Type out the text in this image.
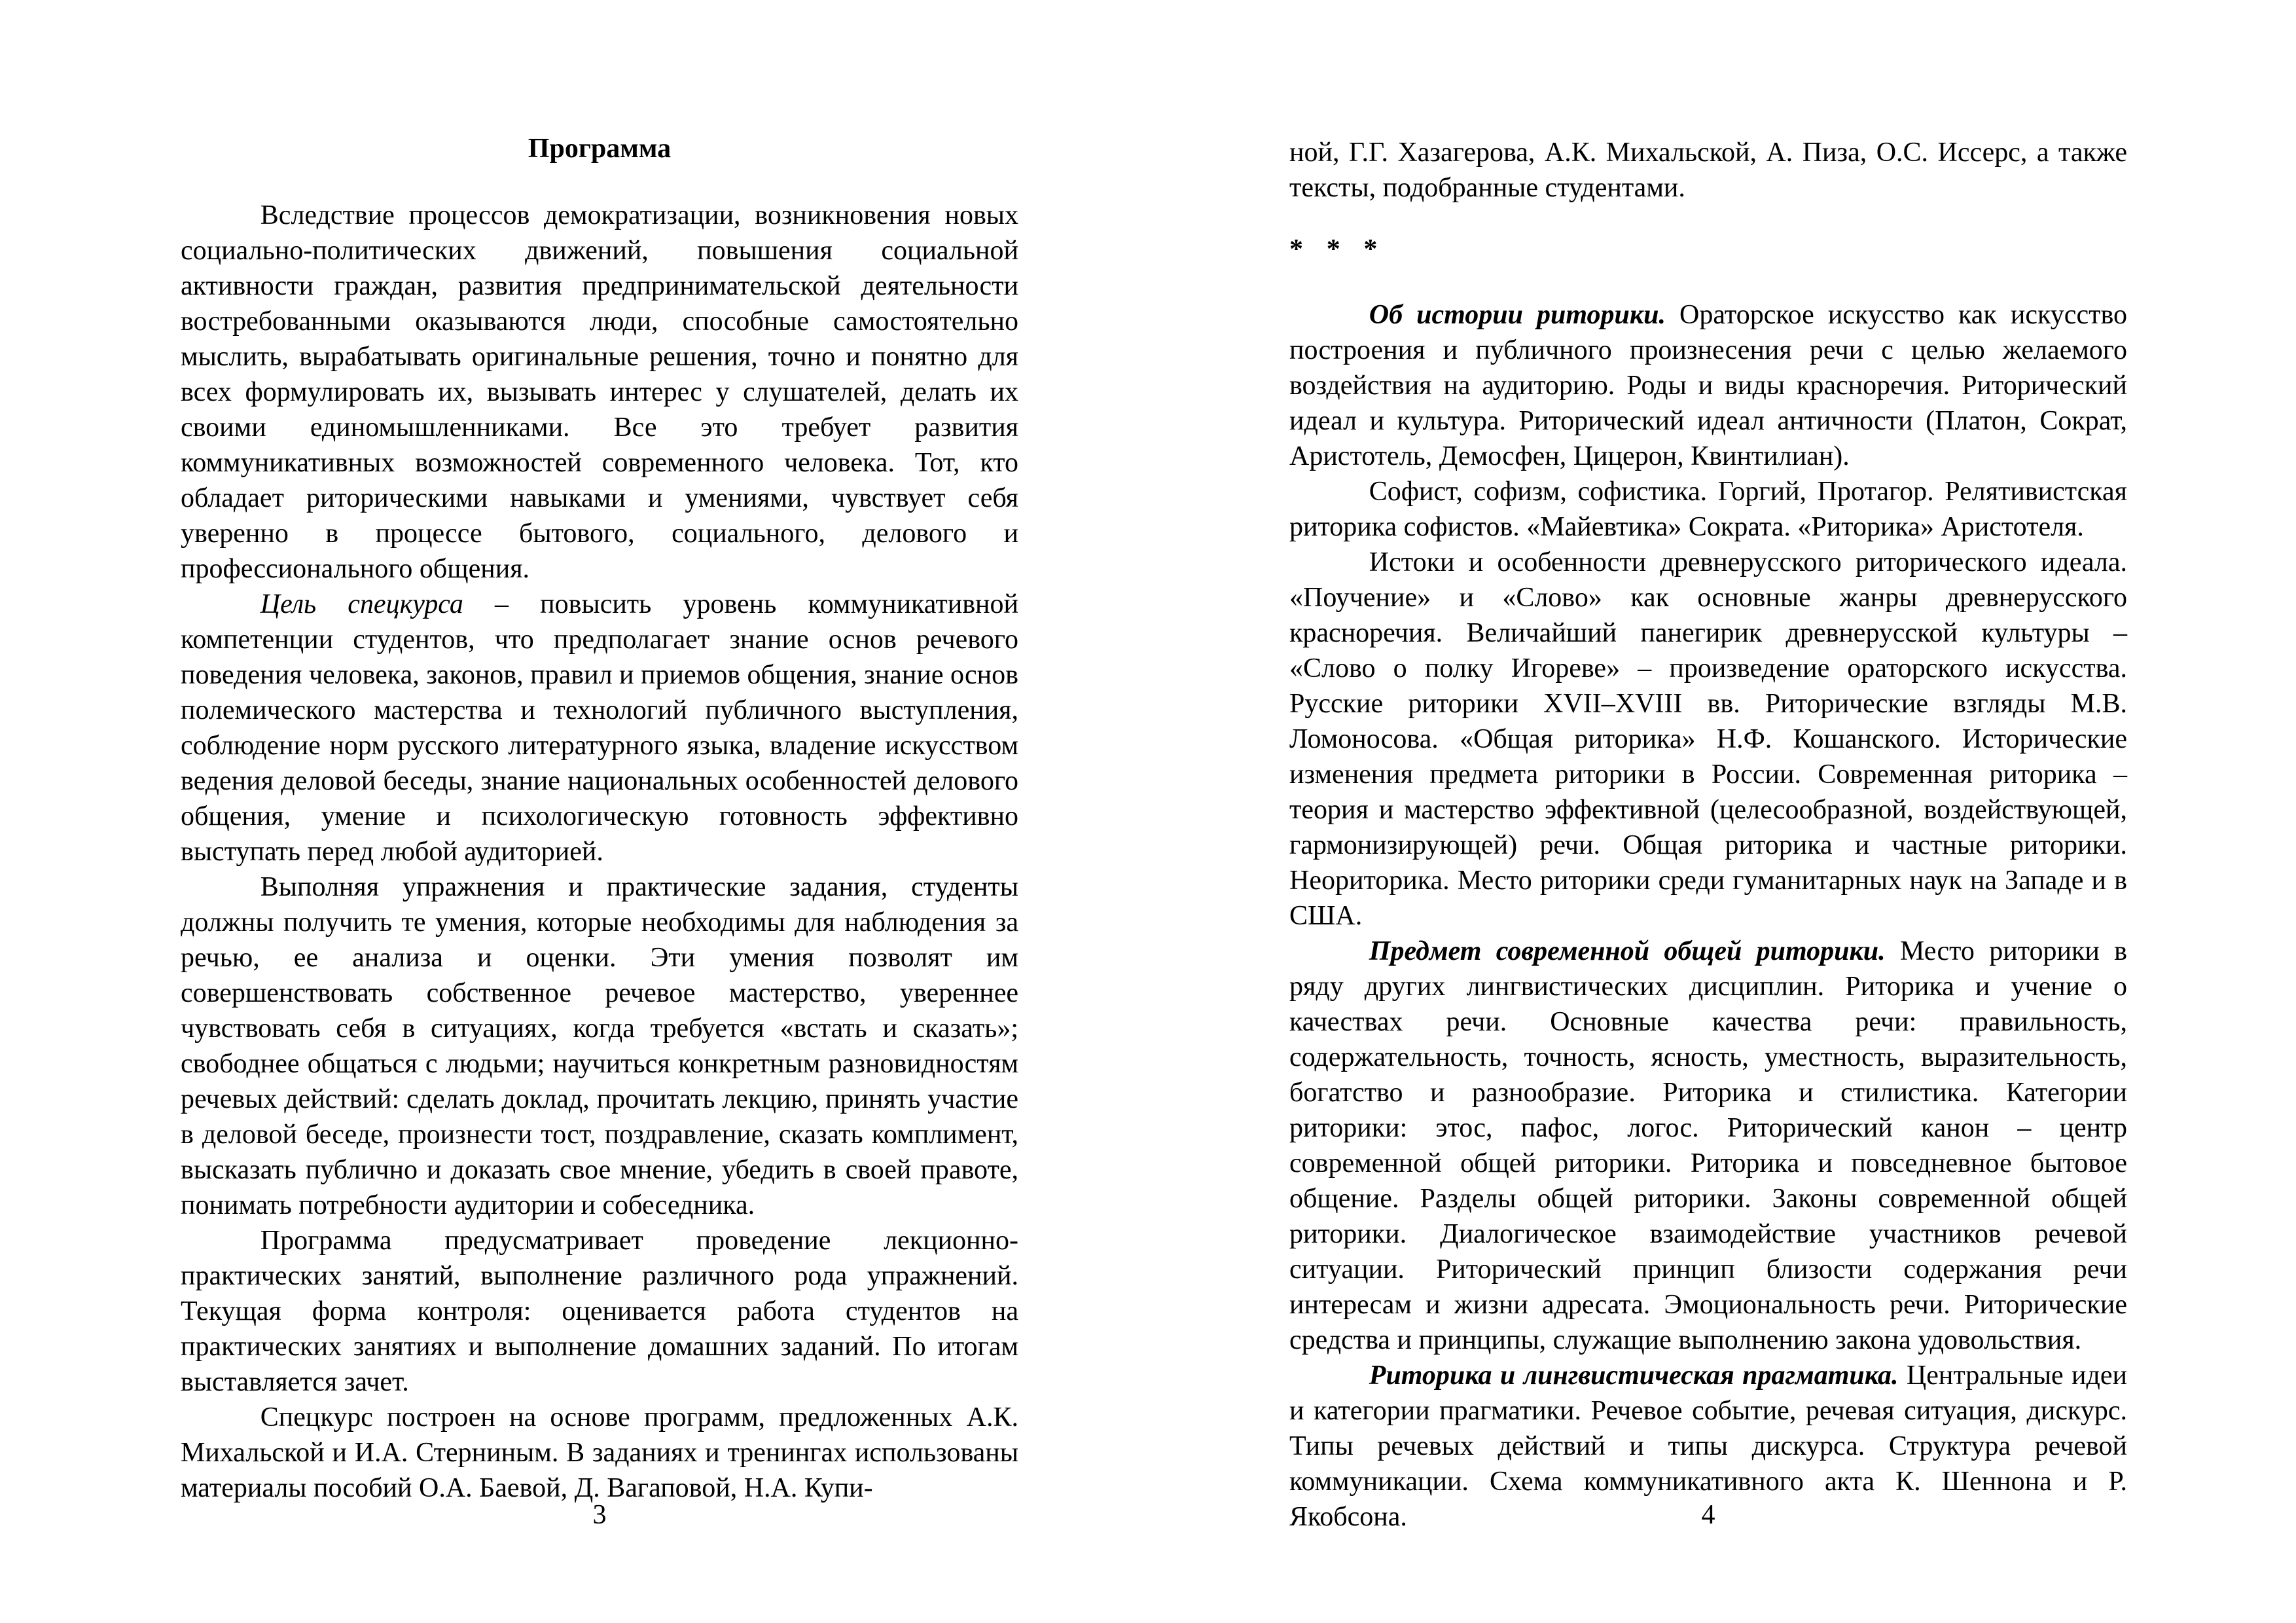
Программа

Вследствие процессов демократизации, возникновения новых социально-политических движений, повышения социальной активности граждан, развития предпринимательской деятельности востребованными оказываются люди, способные самостоятельно мыслить, вырабатывать оригинальные решения, точно и понятно для всех формулировать их, вызывать интерес у слушателей, делать их своими единомышленниками. Все это требует развития коммуникативных возможностей современного человека. Тот, кто обладает риторическими навыками и умениями, чувствует себя уверенно в процессе бытового, социального, делового и профессионального общения.

Цель спецкурса – повысить уровень коммуникативной компетенции студентов, что предполагает знание основ речевого поведения человека, законов, правил и приемов общения, знание основ полемического мастерства и технологий публичного выступления, соблюдение норм русского литературного языка, владение искусством ведения деловой беседы, знание национальных особенностей делового общения, умение и психологическую готовность эффективно выступать перед любой аудиторией.

Выполняя упражнения и практические задания, студенты должны получить те умения, которые необходимы для наблюдения за речью, ее анализа и оценки. Эти умения позволят им совершенствовать собственное речевое мастерство, увереннее чувствовать себя в ситуациях, когда требуется «встать и сказать»; свободнее общаться с людьми; научиться конкретным разновидностям речевых действий: сделать доклад, прочитать лекцию, принять участие в деловой беседе, произнести тост, поздравление, сказать комплимент, высказать публично и доказать свое мнение, убедить в своей правоте, понимать потребности аудитории и собеседника.

Программа предусматривает проведение лекционно-практических занятий, выполнение различного рода упражнений. Текущая форма контроля: оценивается работа студентов на практических занятиях и выполнение домашних заданий. По итогам выставляется зачет.

Спецкурс построен на основе программ, предложенных А.К. Михальской и И.А. Стерниным. В заданиях и тренингах использованы материалы пособий О.А. Баевой, Д. Вагаповой, Н.А. Купи-

3

ной, Г.Г. Хазагерова, А.К. Михальской, А. Пиза, О.С. Иссерс, а также тексты, подобранные студентами.

* * *

Об истории риторики. Ораторское искусство как искусство построения и публичного произнесения речи с целью желаемого воздействия на аудиторию. Роды и виды красноречия. Риторический идеал и культура. Риторический идеал античности (Платон, Сократ, Аристотель, Демосфен, Цицерон, Квинтилиан).

Софист, софизм, софистика. Горгий, Протагор. Релятивистская риторика софистов. «Майевтика» Сократа. «Риторика» Аристотеля.

Истоки и особенности древнерусского риторического идеала. «Поучение» и «Слово» как основные жанры древнерусского красноречия. Величайший панегирик древнерусской культуры – «Слово о полку Игореве» – произведение ораторского искусства. Русские риторики XVII–XVIII вв. Риторические взгляды М.В. Ломоносова. «Общая риторика» Н.Ф. Кошанского. Исторические изменения предмета риторики в России. Современная риторика – теория и мастерство эффективной (целесообразной, воздействующей, гармонизирующей) речи. Общая риторика и частные риторики. Неориторика. Место риторики среди гуманитарных наук на Западе и в США.

Предмет современной общей риторики. Место риторики в ряду других лингвистических дисциплин. Риторика и учение о качествах речи. Основные качества речи: правильность, содержательность, точность, ясность, уместность, выразительность, богатство и разнообразие. Риторика и стилистика. Категории риторики: этос, пафос, логос. Риторический канон – центр современной общей риторики. Риторика и повседневное бытовое общение. Разделы общей риторики. Законы современной общей риторики. Диалогическое взаимодействие участников речевой ситуации. Риторический принцип близости содержания речи интересам и жизни адресата. Эмоциональность речи. Риторические средства и принципы, служащие выполнению закона удовольствия.

Риторика и лингвистическая прагматика. Центральные идеи и категории прагматики. Речевое событие, речевая ситуация, дискурс. Типы речевых действий и типы дискурса. Структура речевой коммуникации. Схема коммуникативного акта К. Шеннона и Р. Якобсона.	4
